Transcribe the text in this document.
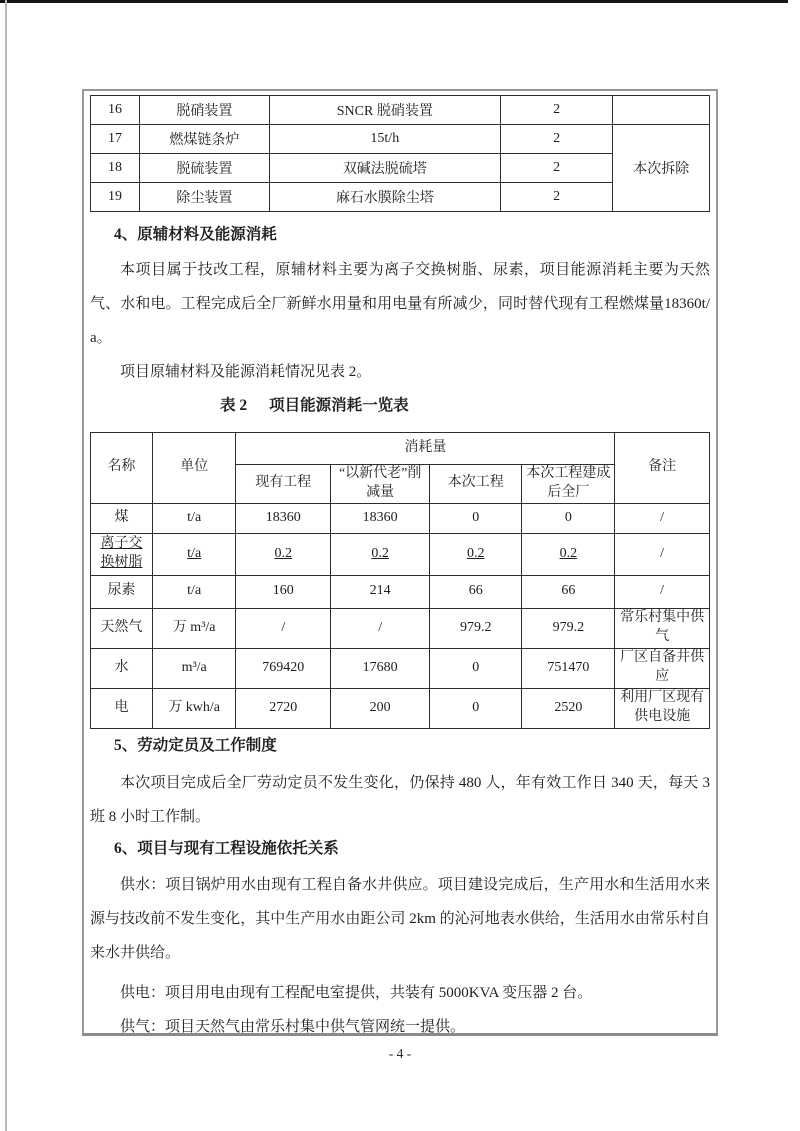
16	脱硝装置	SNCR 脱硝装置	2	
17	燃煤链条炉	15t/h	2	本次拆除
18	脱硫装置	双碱法脱硫塔	2	
19	除尘装置	麻石水膜除尘塔	2	

4、原辅材料及能源消耗

本项目属于技改工程，原辅材料主要为离子交换树脂、尿素，项目能源消耗主要为天然气、水和电。工程完成后全厂新鲜水用量和用电量有所减少，同时替代现有工程燃煤量18360t/a。

项目原辅材料及能源消耗情况见表 2。

表 2 项目能源消耗一览表

名称	单位	消耗量				备注
		现有工程	“以新代老”削减量	本次工程	本次工程建成后全厂	
煤	t/a	18360	18360	0	0	/
离子交换树脂	t/a	0.2	0.2	0.2	0.2	/
尿素	t/a	160	214	66	66	/
天然气	万 m³/a	/	/	979.2	979.2	常乐村集中供气
水	m³/a	769420	17680	0	751470	厂区自备井供应
电	万 kwh/a	2720	200	0	2520	利用厂区现有供电设施

5、劳动定员及工作制度

本次项目完成后全厂劳动定员不发生变化，仍保持 480 人，年有效工作日 340 天，每天 3 班 8 小时工作制。

6、项目与现有工程设施依托关系

供水：项目锅炉用水由现有工程自备水井供应。项目建设完成后，生产用水和生活用水来源与技改前不发生变化，其中生产用水由距公司 2km 的沁河地表水供给，生活用水由常乐村自来水井供给。

供电：项目用电由现有工程配电室提供，共装有 5000KVA 变压器 2 台。

供气：项目天然气由常乐村集中供气管网统一提供。

- 4 -
